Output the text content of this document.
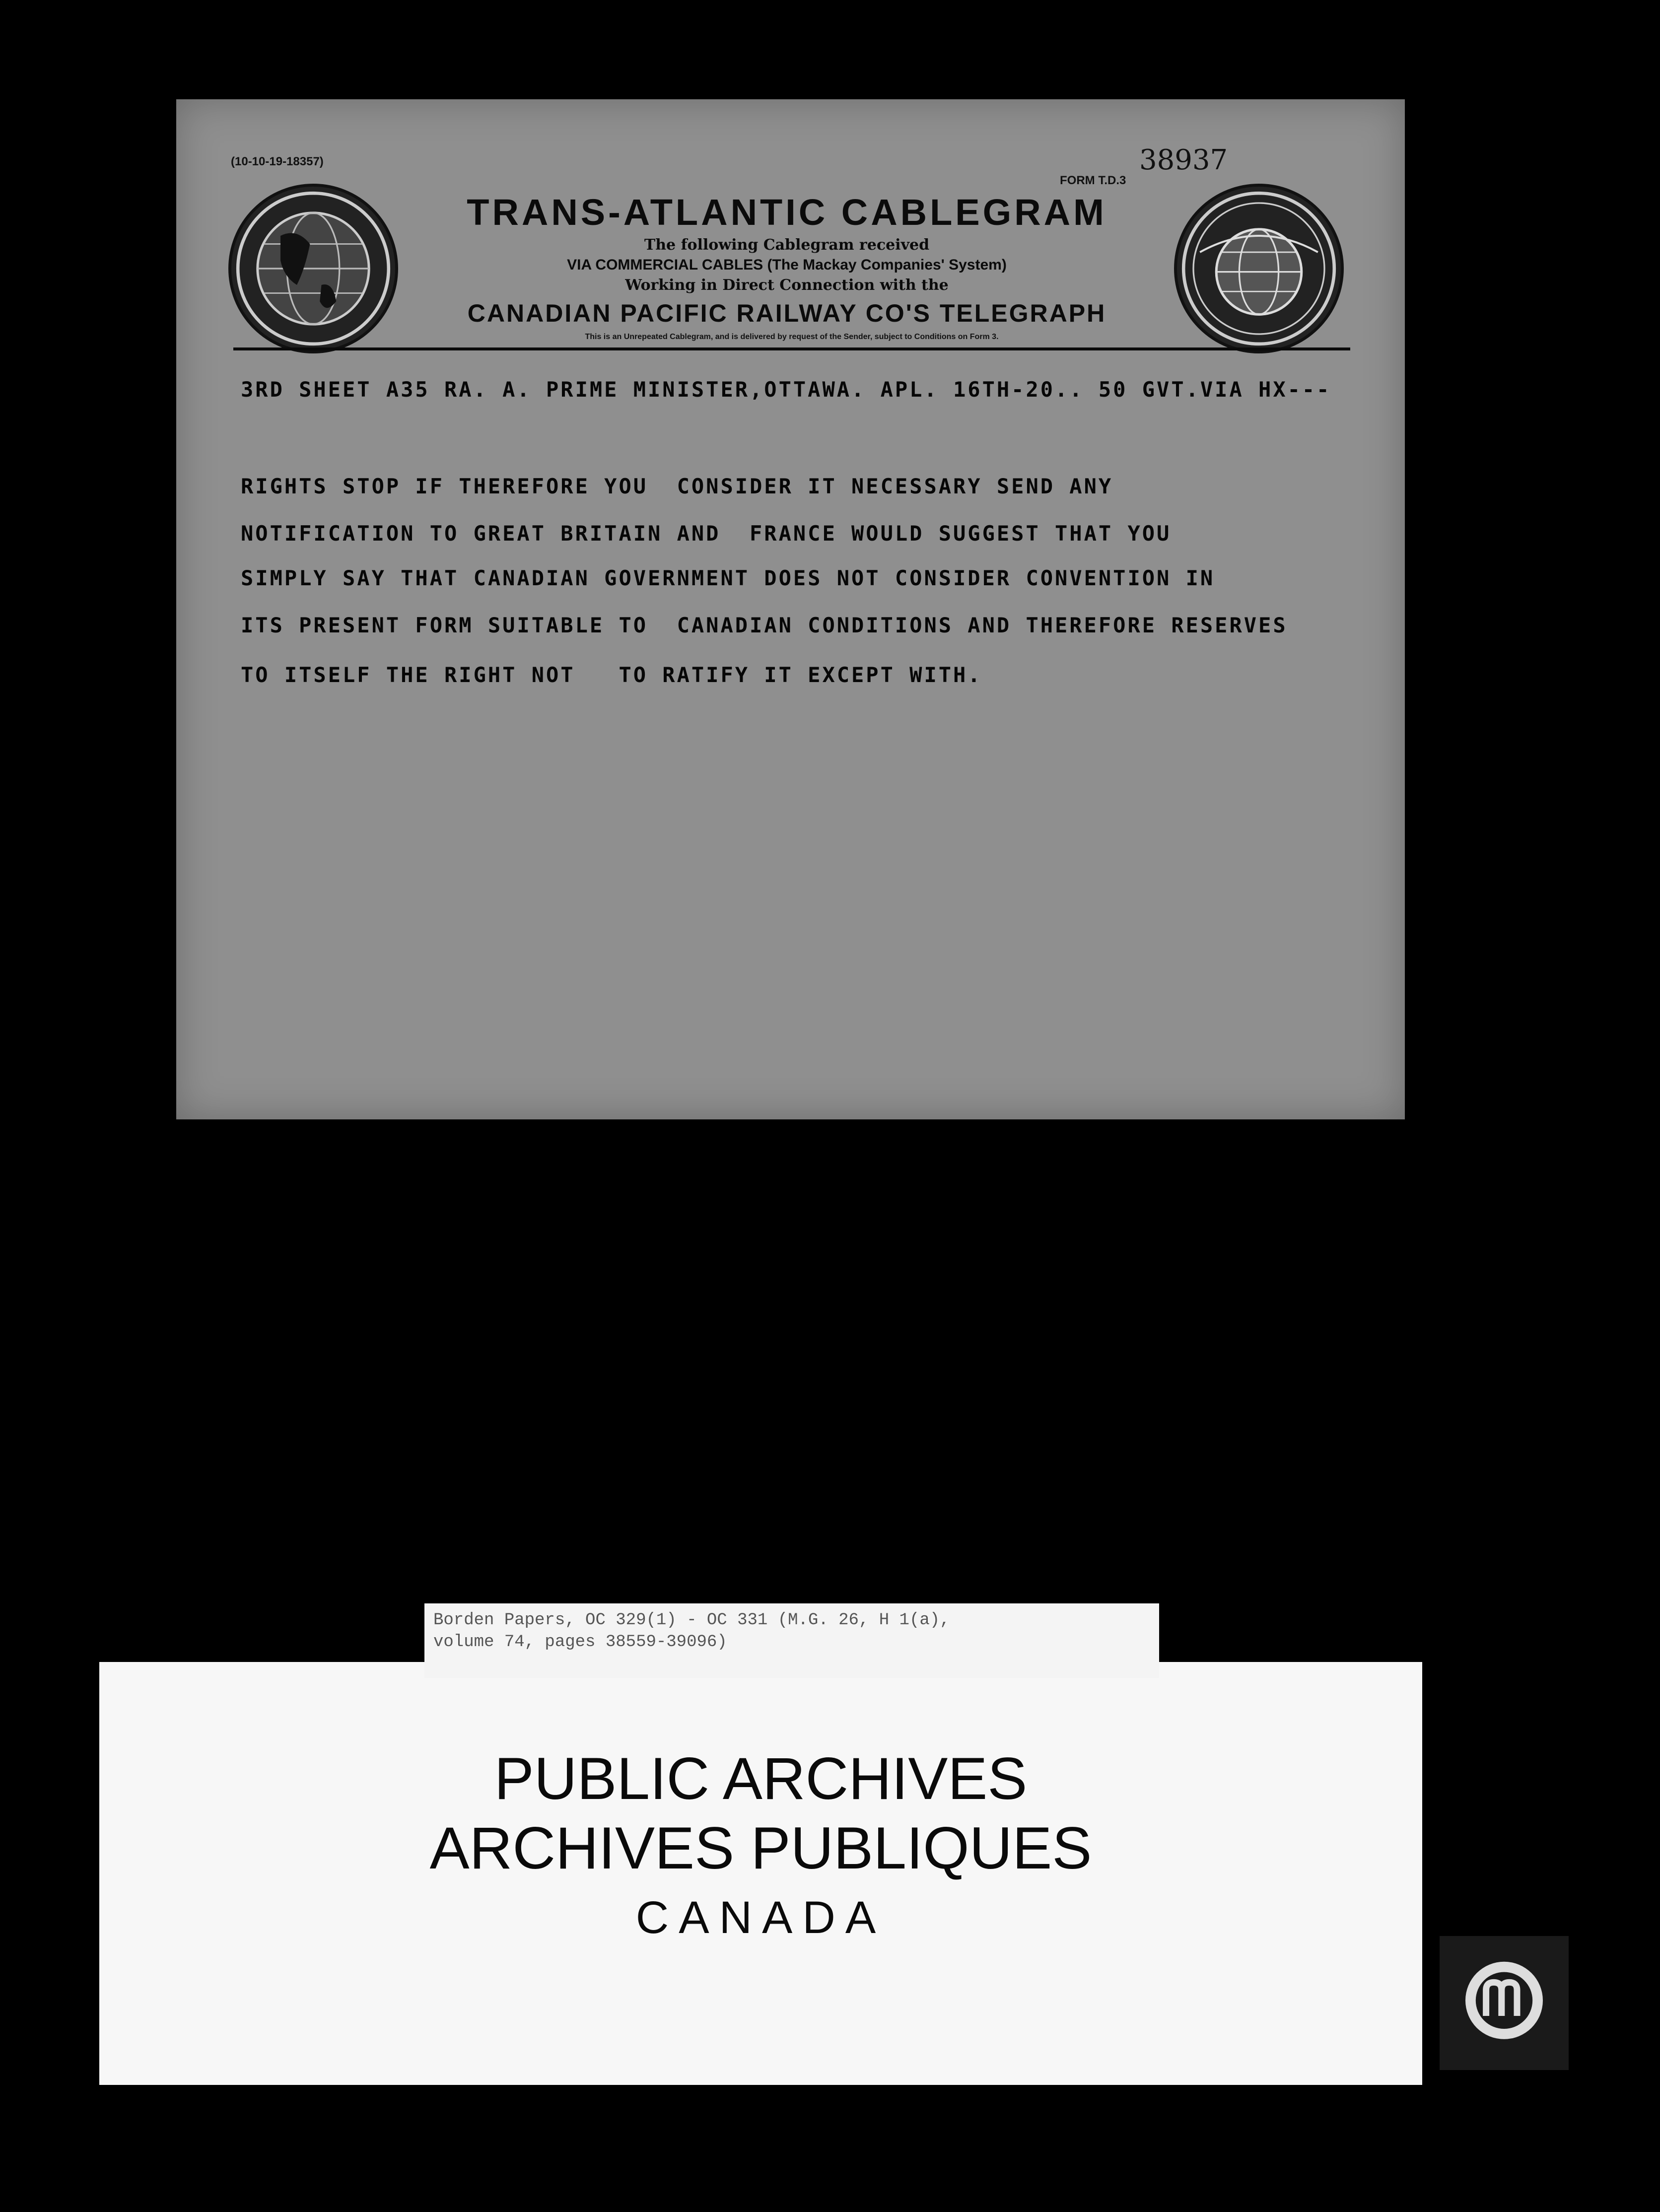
(10-10-19-18357)
FORM T.D.3
38937

TRANS-ATLANTIC CABLEGRAM

The following Cablegram received

VIA COMMERCIAL CABLES (The Mackay Companies' System)

Working in Direct Connection with the

CANADIAN PACIFIC RAILWAY CO'S TELEGRAPH

This is an Unrepeated Cablegram, and is delivered by request of the Sender, subject to Conditions on Form 3.
3RD SHEET A35 RA. A. PRIME MINISTER,OTTAWA. APL. 16TH-20.. 50 GVT.VIA HX---
RIGHTS STOP IF THEREFORE YOU  CONSIDER IT NECESSARY SEND ANY
NOTIFICATION TO GREAT BRITAIN AND  FRANCE WOULD SUGGEST THAT YOU
SIMPLY SAY THAT CANADIAN GOVERNMENT DOES NOT CONSIDER CONVENTION IN
ITS PRESENT FORM SUITABLE TO  CANADIAN CONDITIONS AND THEREFORE RESERVES
TO ITSELF THE RIGHT NOT   TO RATIFY IT EXCEPT WITH.
PUBLIC ARCHIVES
ARCHIVES PUBLIQUES
CANADA
Borden Papers, OC 329(1) - OC 331 (M.G. 26, H 1(a),
volume 74, pages 38559-39096)
